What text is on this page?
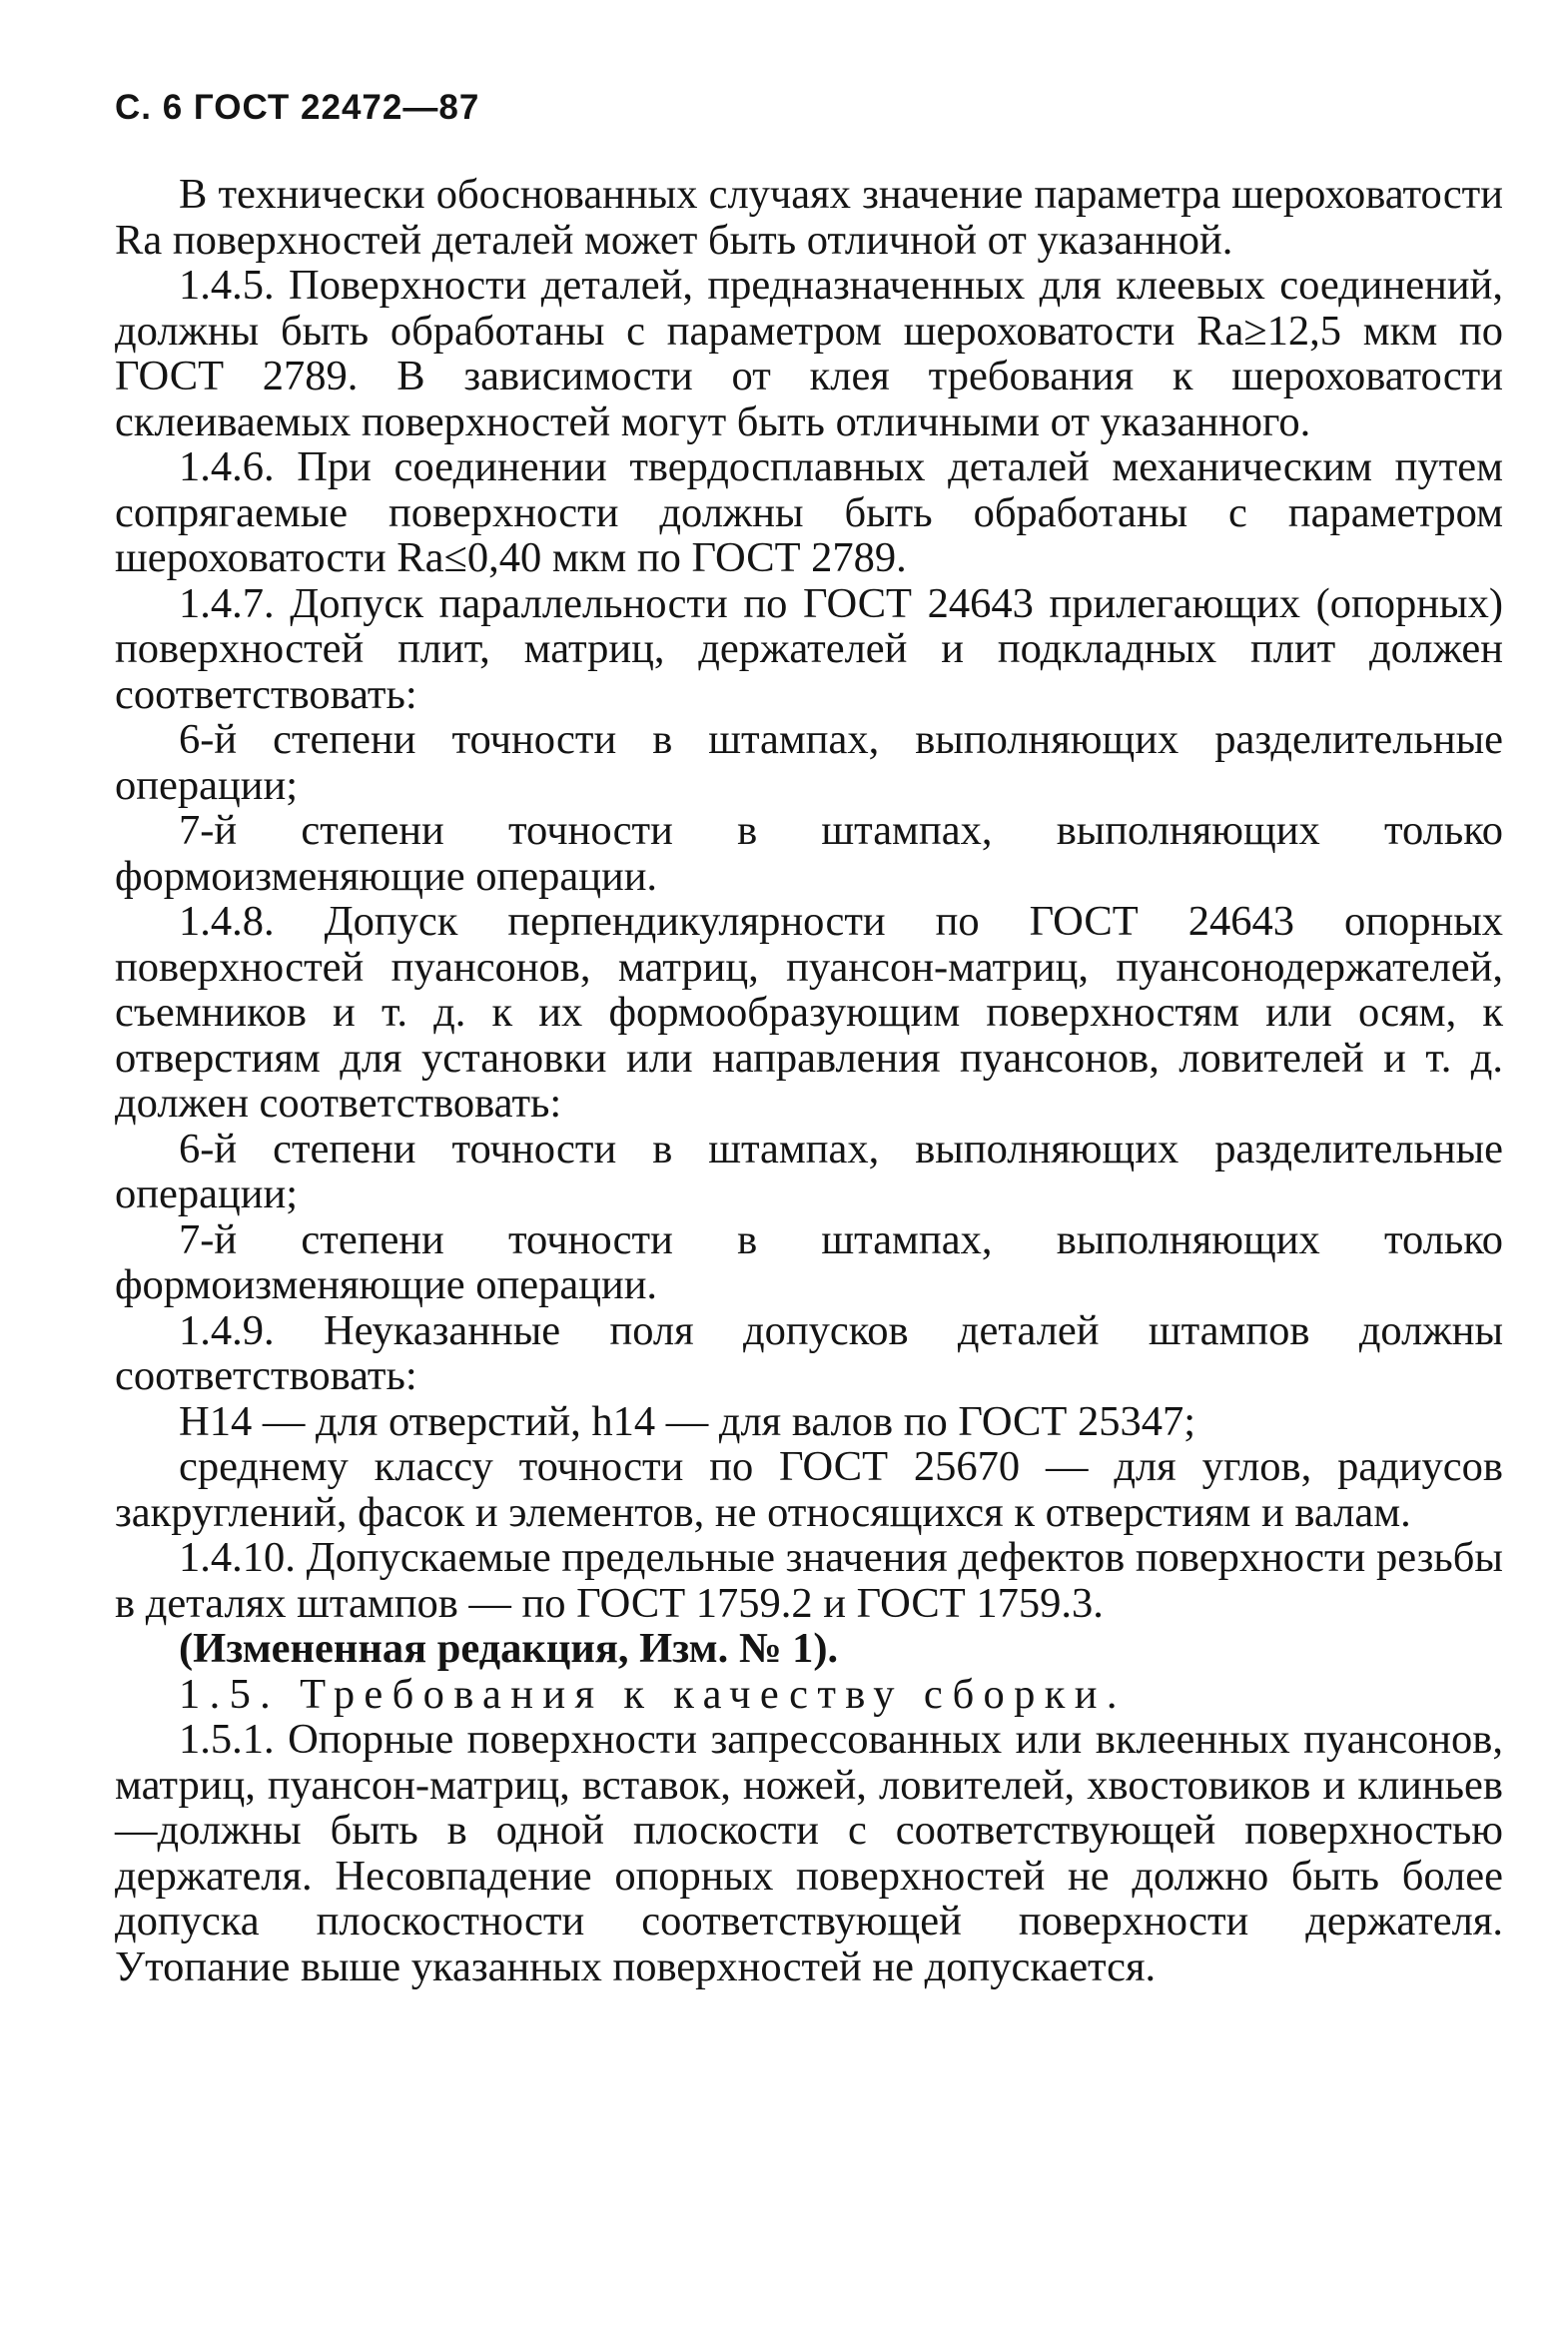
С. 6 ГОСТ 22472—87

В технически обоснованных случаях значение параметра шероховатости Ra поверхностей деталей может быть отличной от указанной.

1.4.5. Поверхности деталей, предназначенных для клеевых соединений, должны быть обработаны с параметром шероховатости Ra≥12,5 мкм по ГОСТ 2789. В зависимости от клея требования к шероховатости склеиваемых поверхностей могут быть отличными от указанного.

1.4.6. При соединении твердосплавных деталей механическим путем сопрягаемые поверхности должны быть обработаны с параметром шероховатости Ra≤0,40 мкм по ГОСТ 2789.

1.4.7. Допуск параллельности по ГОСТ 24643 прилегающих (опорных) поверхностей плит, матриц, держателей и подкладных плит должен соответствовать:

6-й степени точности в штампах, выполняющих разделительные операции;

7-й степени точности в штампах, выполняющих только формоизменяющие операции.

1.4.8. Допуск перпендикулярности по ГОСТ 24643 опорных поверхностей пуансонов, матриц, пуансон-матриц, пуансонодержателей, съемников и т. д. к их формообразующим поверхностям или осям, к отверстиям для установки или направления пуансонов, ловителей и т. д. должен соответствовать:

6-й степени точности в штампах, выполняющих разделительные операции;

7-й степени точности в штампах, выполняющих только формоизменяющие операции.

1.4.9. Неуказанные поля допусков деталей штампов должны соответствовать:

H14 — для отверстий, h14 — для валов по ГОСТ 25347;

среднему классу точности по ГОСТ 25670 — для углов, радиусов закруглений, фасок и элементов, не относящихся к отверстиям и валам.

1.4.10. Допускаемые предельные значения дефектов поверхности резьбы в деталях штампов — по ГОСТ 1759.2 и ГОСТ 1759.3.

(Измененная редакция, Изм. № 1).

1.5. Требования к качеству сборки.

1.5.1. Опорные поверхности запрессованных или вклеенных пуансонов, матриц, пуансон-матриц, вставок, ножей, ловителей, хвостовиков и клиньев—должны быть в одной плоскости с соответствующей поверхностью держателя. Несовпадение опорных поверхностей не должно быть более допуска плоскостности соответствующей поверхности держателя. Утопание выше указанных поверхностей не допускается.
